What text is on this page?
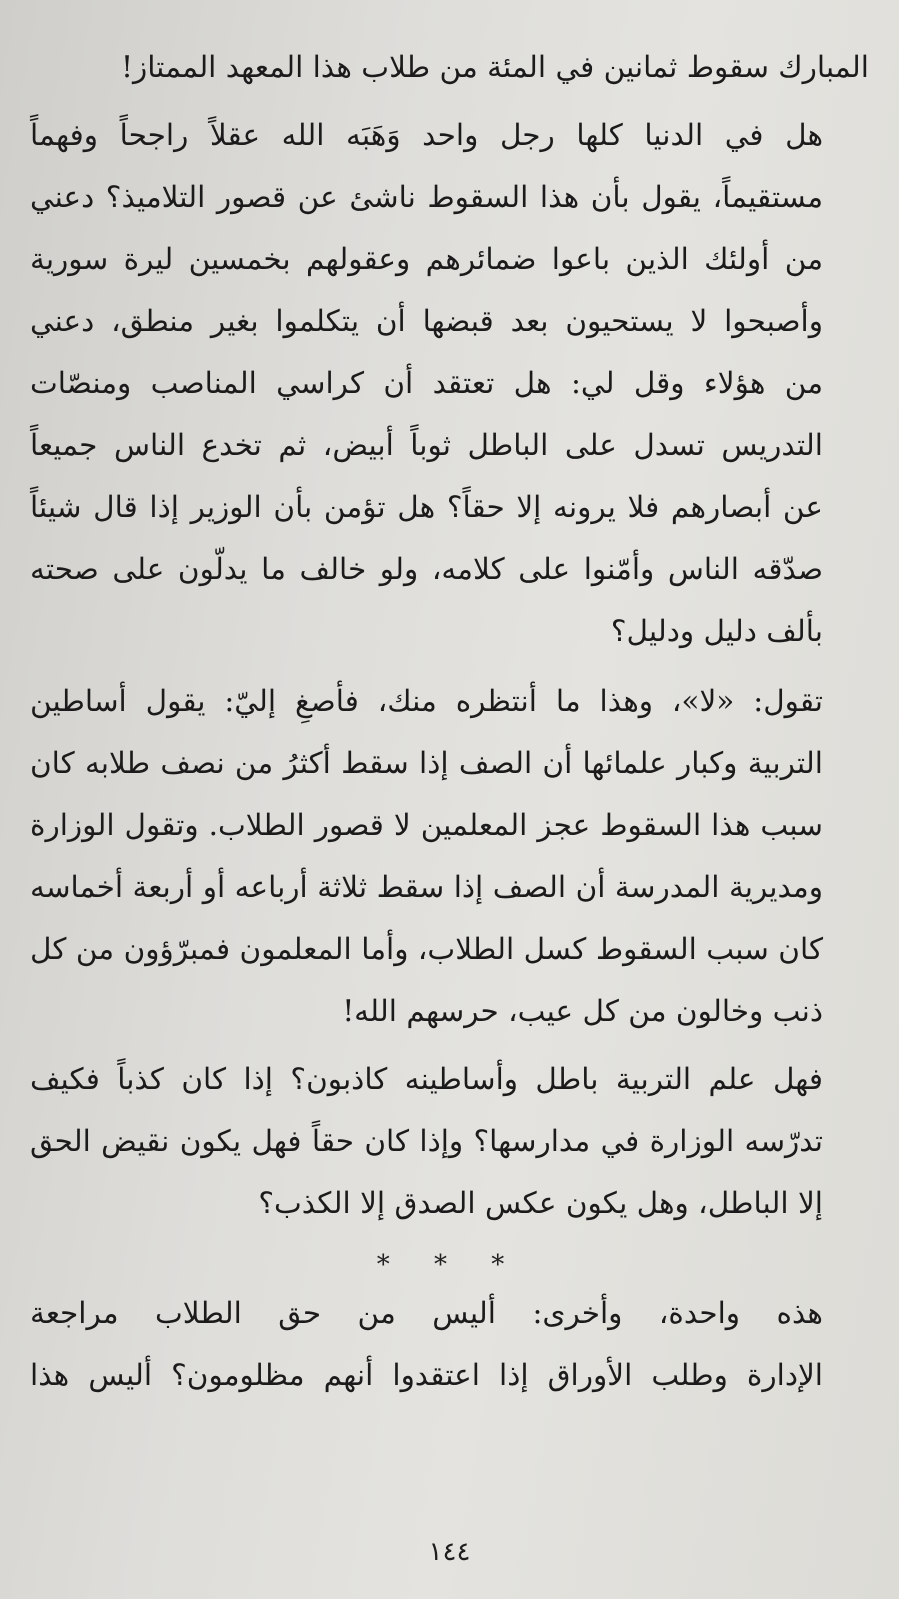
المبارك سقوط ثمانين في المئة من طلاب هذا المعهد الممتاز!

هل في الدنيا كلها رجل واحد وَهَبَه الله عقلاً راجحاً وفهماً
مستقيماً، يقول بأن هذا السقوط ناشئ عن قصور التلاميذ؟ دعني
من أولئك الذين باعوا ضمائرهم وعقولهم بخمسين ليرة سورية
وأصبحوا لا يستحيون بعد قبضها أن يتكلموا بغير منطق، دعني
من هؤلاء وقل لي: هل تعتقد أن كراسي المناصب ومنصّات
التدريس تسدل على الباطل ثوباً أبيض، ثم تخدع الناس جميعاً
عن أبصارهم فلا يرونه إلا حقاً؟ هل تؤمن بأن الوزير إذا قال شيئاً
صدّقه الناس وأمّنوا على كلامه، ولو خالف ما يدلّون على صحته
بألف دليل ودليل؟

تقول: «لا»، وهذا ما أنتظره منك، فأصغِ إليّ: يقول أساطين
التربية وكبار علمائها أن الصف إذا سقط أكثرُ من نصف طلابه كان
سبب هذا السقوط عجز المعلمين لا قصور الطلاب. وتقول الوزارة
ومديرية المدرسة أن الصف إذا سقط ثلاثة أرباعه أو أربعة أخماسه
كان سبب السقوط كسل الطلاب، وأما المعلمون فمبرّؤون من كل
ذنب وخالون من كل عيب، حرسهم الله!

فهل علم التربية باطل وأساطينه كاذبون؟ إذا كان كذباً فكيف
تدرّسه الوزارة في مدارسها؟ وإذا كان حقاً فهل يكون نقيض الحق
إلا الباطل، وهل يكون عكس الصدق إلا الكذب؟

* * *

هذه واحدة، وأخرى: أليس من حق الطلاب مراجعة
الإدارة وطلب الأوراق إذا اعتقدوا أنهم مظلومون؟ أليس هذا

١٤٤
